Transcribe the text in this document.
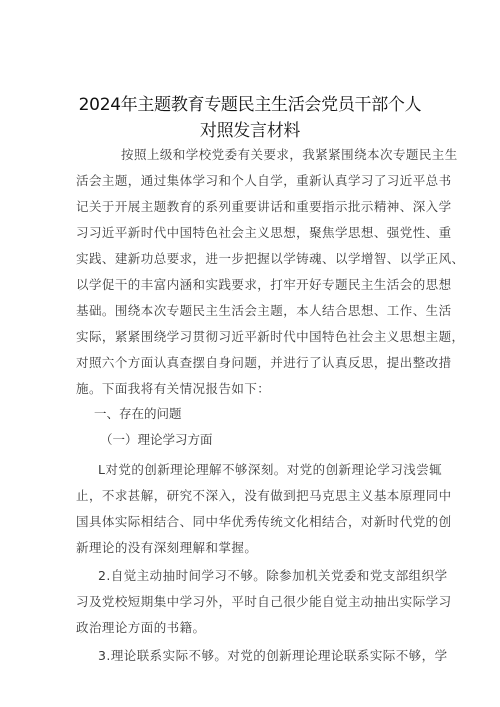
2024年主题教育专题民主生活会党员干部个人
对照发言材料
按照上级和学校党委有关要求，我紧紧围绕本次专题民主生
活会主题，通过集体学习和个人自学，重新认真学习了习近平总书
记关于开展主题教育的系列重要讲话和重要指示批示精神、深入学
习习近平新时代中国特色社会主义思想，聚焦学思想、强党性、重
实践、建新功总要求，进一步把握以学铸魂、以学增智、以学正风、
以学促干的丰富内涵和实践要求，打牢开好专题民主生活会的思想
基础。围绕本次专题民主生活会主题，本人结合思想、工作、生活
实际，紧紧围绕学习贯彻习近平新时代中国特色社会主义思想主题，
对照六个方面认真查摆自身问题，并进行了认真反思，提出整改措
施。下面我将有关情况报告如下：
一、存在的问题
（一）理论学习方面
L对党的创新理论理解不够深刻。对党的创新理论学习浅尝辄
止，不求甚解，研究不深入，没有做到把马克思主义基本原理同中
国具体实际相结合、同中华优秀传统文化相结合，对新时代党的创
新理论的没有深刻理解和掌握。
2.自觉主动抽时间学习不够。除参加机关党委和党支部组织学
习及党校短期集中学习外，平时自己很少能自觉主动抽出实际学习
政治理论方面的书籍。
3.理论联系实际不够。对党的创新理论理论联系实际不够，学
